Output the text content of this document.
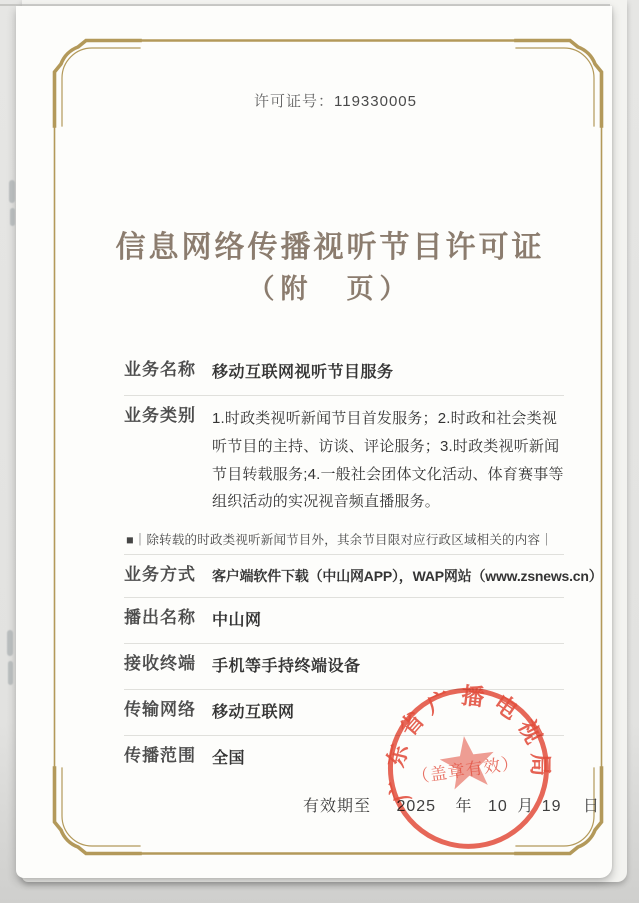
许可证号：119330005
信息网络传播视听节目许可证
（附　页）
业务名称	移动互联网视听节目服务
业务类别	1.时政类视听新闻节目首发服务；2.时政和社会类视听节目的主持、访谈、评论服务；3.时政类视听新闻节目转载服务;4.一般社会团体文化活动、体育赛事等组织活动的实况视音频直播服务。
■｜除转载的时政类视听新闻节目外，其余节目限对应行政区域相关的内容｜
业务方式	客户端软件下载（中山网APP），WAP网站（www.zsnews.cn）
播出名称	中山网
接收终端	手机等手持终端设备
传输网络	移动互联网
传播范围	全国
有效期至 2025 年 10 月 19 日
广东省广播电视局
（盖章有效）
